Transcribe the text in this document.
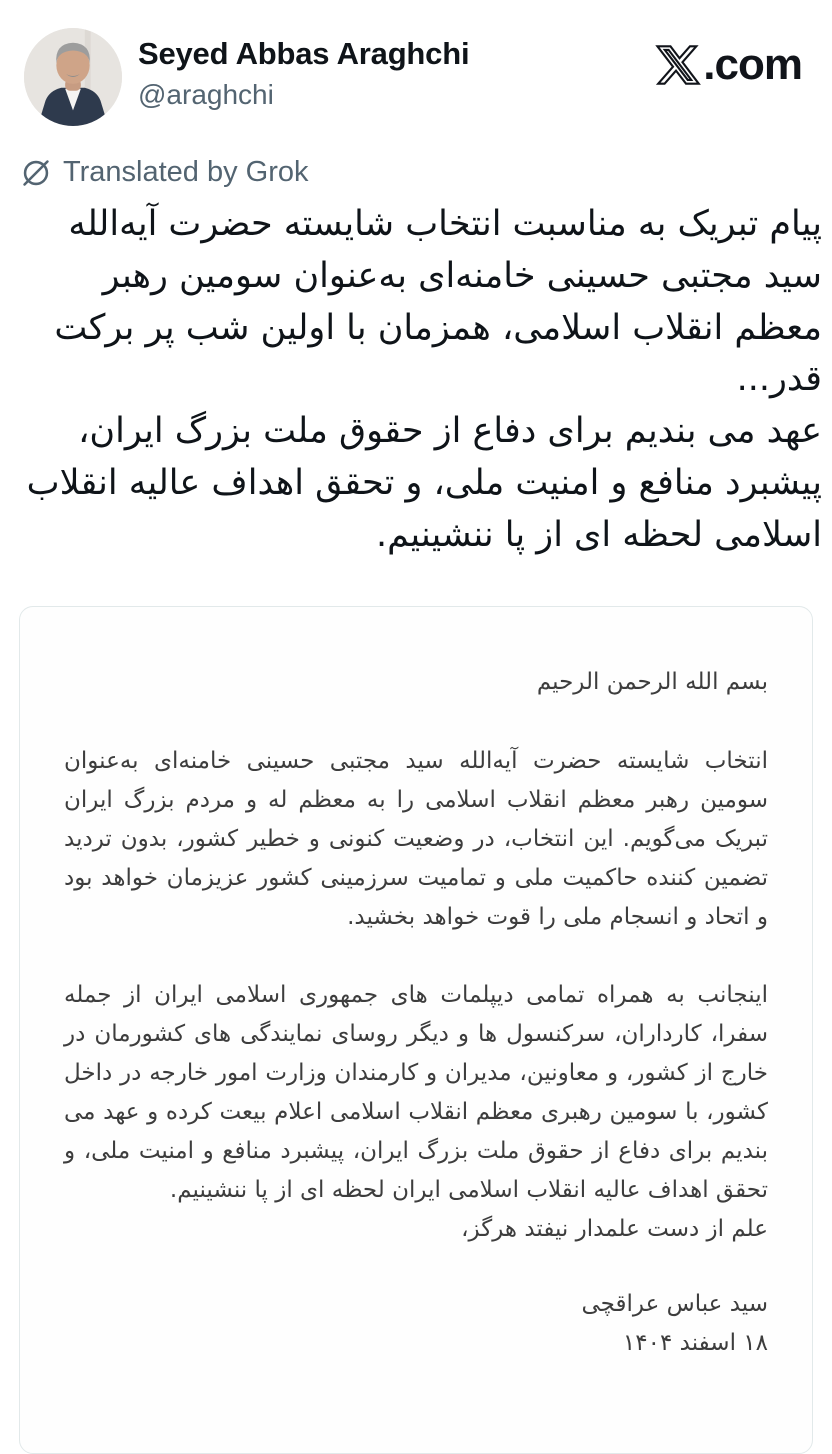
Seyed Abbas Araghchi
@araghchi
.com
Translated by Grok

پیام تبریک به مناسبت انتخاب شایسته حضرت آیه‌الله سید مجتبی حسینی خامنه‌ای به‌عنوان سومین رهبر معظم انقلاب اسلامی، همزمان با اولین شب پر برکت قدر...

عهد می بندیم برای دفاع از حقوق ملت بزرگ ایران، پیشبرد منافع و امنیت ملی، و تحقق اهداف عالیه انقلاب اسلامی لحظه ای از پا ننشینیم.

بسم الله الرحمن الرحیم

انتخاب شایسته حضرت آیه‌الله سید مجتبی حسینی خامنه‌ای به‌عنوان سومین رهبر معظم انقلاب اسلامی را به معظم له و مردم بزرگ ایران تبریک می‌گویم. این انتخاب، در وضعیت کنونی و خطیر کشور، بدون تردید تضمین کننده حاکمیت ملی و تمامیت سرزمینی کشور عزیزمان خواهد بود و اتحاد و انسجام ملی را قوت خواهد بخشید.

اینجانب به همراه تمامی دیپلمات های جمهوری اسلامی ایران از جمله سفرا، کارداران، سرکنسول ها و دیگر روسای نمایندگی های کشورمان در خارج از کشور، و معاونین، مدیران و کارمندان وزارت امور خارجه در داخل کشور، با سومین رهبری معظم انقلاب اسلامی اعلام بیعت کرده و عهد می بندیم برای دفاع از حقوق ملت بزرگ ایران، پیشبرد منافع و امنیت ملی، و تحقق اهداف عالیه انقلاب اسلامی ایران لحظه ای از پا ننشینیم.

علم از دست علمدار نیفتد هرگز،

سید عباس عراقچی

۱۸ اسفند ۱۴۰۴
